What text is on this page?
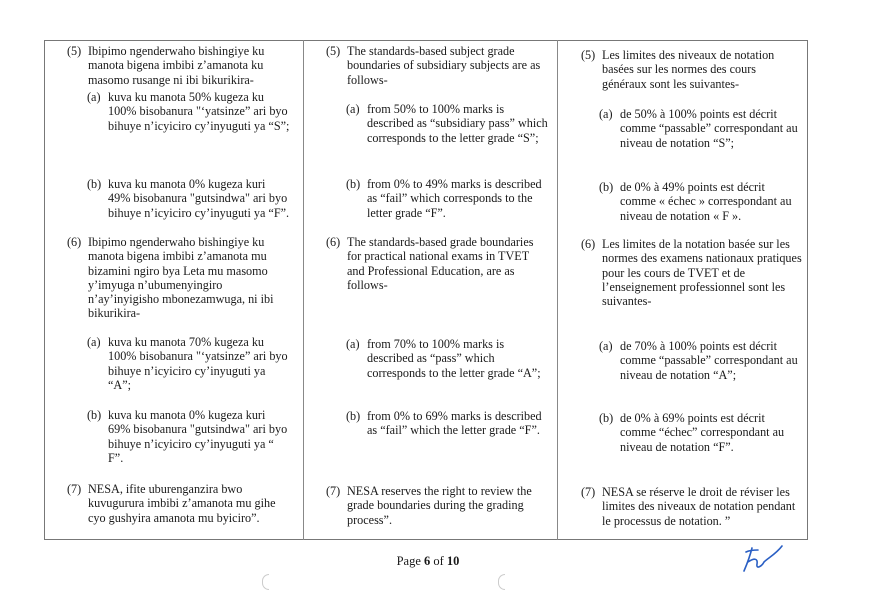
(5) Ibipimo ngenderwaho bishingiye ku
manota bigena imbibi z’amanota ku
masomo rusange ni ibi bikurikira-
(a) kuva ku manota 50% kugeza ku
100% bisobanura "‘yatsinze” ari byo
bihuye n’icyiciro cy’inyuguti ya “S”;
(b) kuva ku manota 0% kugeza kuri
49% bisobanura "gutsindwa" ari byo
bihuye n’icyiciro cy’inyuguti ya “F”.
(6) Ibipimo ngenderwaho bishingiye ku
manota bigena imbibi z’amanota mu
bizamini ngiro bya Leta mu masomo
y’imyuga n’ubumenyingiro
n’ay’inyigisho mbonezamwuga, ni ibi
bikurikira-
(a) kuva ku manota 70% kugeza ku
100% bisobanura "‘yatsinze” ari byo
bihuye n’icyiciro cy’inyuguti ya
“A”;
(b) kuva ku manota 0% kugeza kuri
69% bisobanura "gutsindwa" ari byo
bihuye n’icyiciro cy’inyuguti ya “
F”.
(7) NESA, ifite uburenganzira bwo
kuvugurura imbibi z’amanota mu gihe
cyo gushyira amanota mu byiciro”.
(5) The standards-based subject grade
boundaries of subsidiary subjects are as
follows-
(a) from 50% to 100% marks is
described as “subsidiary pass” which
corresponds to the letter grade “S”;
(b) from 0% to 49% marks is described
as “fail” which corresponds to the
letter grade “F”.
(6) The standards-based grade boundaries
for practical national exams in TVET
and Professional Education, are as
follows-
(a) from 70% to 100% marks is
described as “pass” which
corresponds to the letter grade “A”;
(b) from 0% to 69% marks is described
as “fail” which the letter grade “F”.
(7) NESA reserves the right to review the
grade boundaries during the grading
process”.
(5) Les limites des niveaux de notation
basées sur les normes des cours
généraux sont les suivantes-
(a) de 50% à 100% points est décrit
comme “passable” correspondant au
niveau de notation “S”;
(b) de 0% à 49% points est décrit
comme « échec » correspondant au
niveau de notation « F ».
(6) Les limites de la notation basée sur les
normes des examens nationaux pratiques
pour les cours de TVET et de
l’enseignement professionnel sont les
suivantes-
(a) de 70% à 100% points est décrit
comme “passable” correspondant au
niveau de notation “A”;
(b) de 0% à 69% points est décrit
comme “échec” correspondant au
niveau de notation “F”.
(7) NESA se réserve le droit de réviser les
limites des niveaux de notation pendant
le processus de notation. ”
Page 6 of 10
